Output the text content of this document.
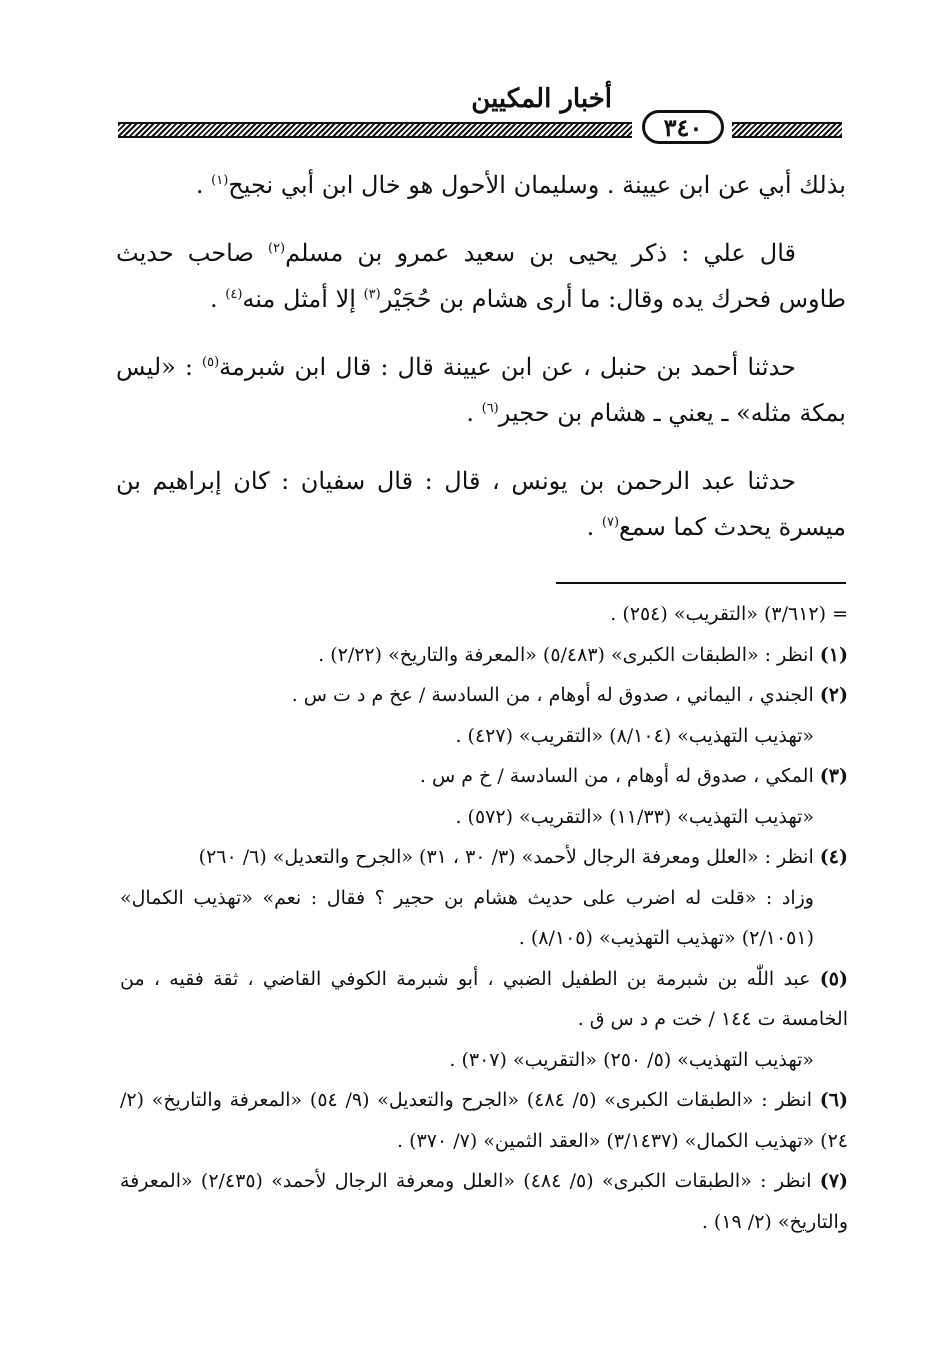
أخبار المكيين
٣٤٠

بذلك أبي عن ابن عيينة . وسليمان الأحول هو خال ابن أبي نجيح$^{(١)}$ .

قال علي : ذكر يحيى بن سعيد عمرو بن مسلم$^{(٢)}$ صاحب حديث طاوس فحرك يده وقال: ما أرى هشام بن حُجَيْر$^{(٣)}$ إلا أمثل منه$^{(٤)}$ .

حدثنا أحمد بن حنبل ، عن ابن عيينة قال : قال ابن شبرمة$^{(٥)}$ : «ليس بمكة مثله» ـ يعني ـ هشام بن حجير$^{(٦)}$ .

حدثنا عبد الرحمن بن يونس ، قال : قال سفيان : كان إبراهيم بن ميسرة يحدث كما سمع$^{(٧)}$ .

= (٣/٦١٢) «التقريب» (٢٥٤) .
(١) انظر : «الطبقات الكبرى» (٥/٤٨٣) «المعرفة والتاريخ» (٢/٢٢) .
(٢) الجندي ، اليماني ، صدوق له أوهام ، من السادسة / عخ م د ت س .
«تهذيب التهذيب» (٨/١٠٤) «التقريب» (٤٢٧) .
(٣) المكي ، صدوق له أوهام ، من السادسة / خ م س .
«تهذيب التهذيب» (١١/٣٣) «التقريب» (٥٧٢) .
(٤) انظر : «العلل ومعرفة الرجال لأحمد» (٣/ ٣٠ ، ٣١) «الجرح والتعديل» (٦/ ٢٦٠)
وزاد : «قلت له اضرب على حديث هشام بن حجير ؟ فقال : نعم» «تهذيب الكمال» (٢/١٠٥١) «تهذيب التهذيب» (٨/١٠٥) .
(٥) عبد اللّٰه بن شبرمة بن الطفيل الضبي ، أبو شبرمة الكوفي القاضي ، ثقة فقيه ، من الخامسة ت ١٤٤ / خت م د س ق .
«تهذيب التهذيب» (٥/ ٢٥٠) «التقريب» (٣٠٧) .
(٦) انظر : «الطبقات الكبرى» (٥/ ٤٨٤) «الجرح والتعديل» (٩/ ٥٤) «المعرفة والتاريخ» (٢/ ٢٤) «تهذيب الكمال» (٣/١٤٣٧) «العقد الثمين» (٧/ ٣٧٠) .
(٧) انظر : «الطبقات الكبرى» (٥/ ٤٨٤) «العلل ومعرفة الرجال لأحمد» (٢/٤٣٥) «المعرفة والتاريخ» (٢/ ١٩) .
